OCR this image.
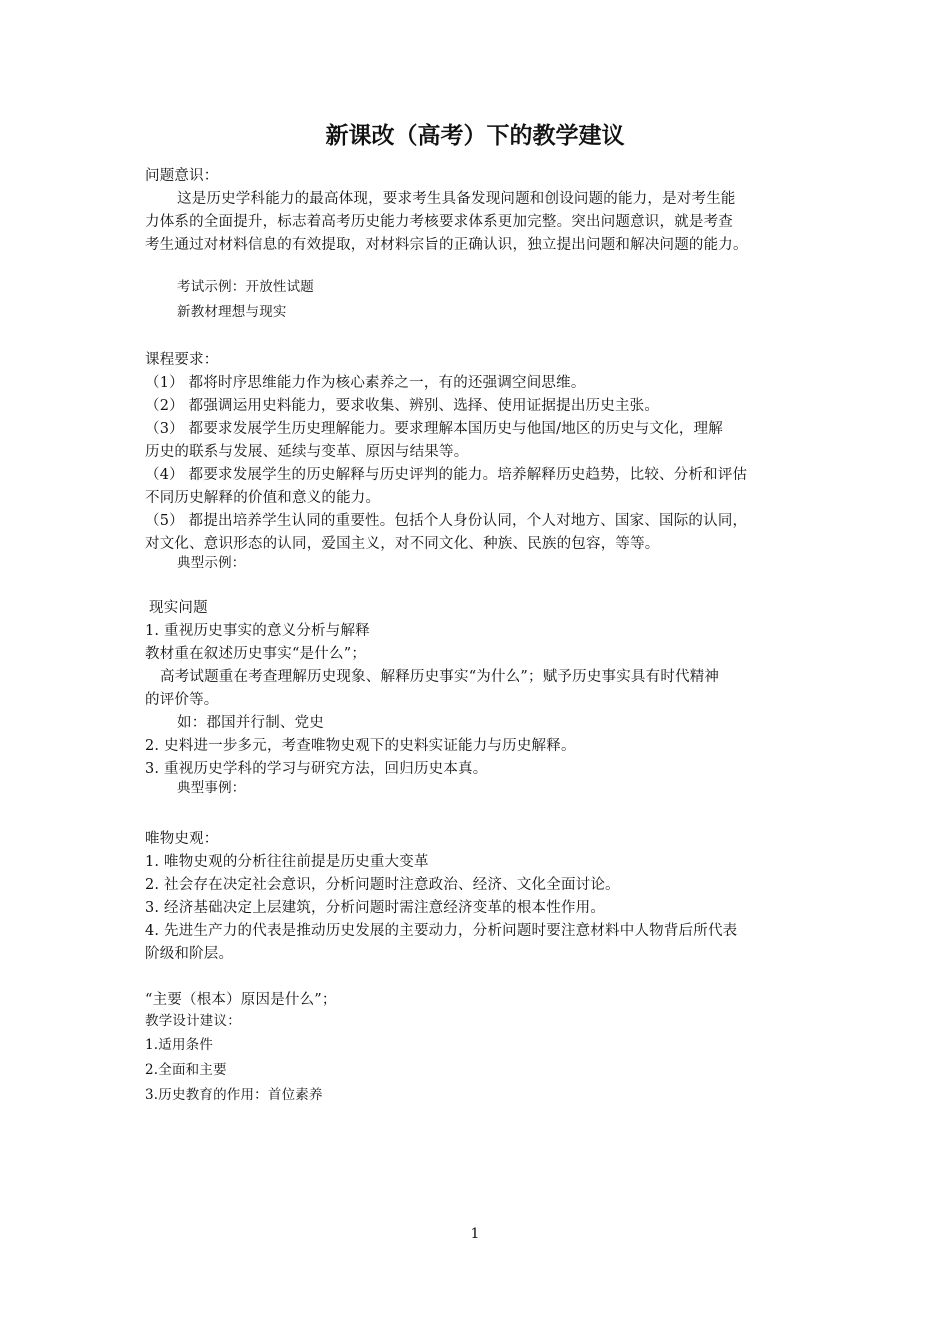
新课改（高考）下的教学建议
问题意识：
这是历史学科能力的最高体现，要求考生具备发现问题和创设问题的能力，是对考生能
力体系的全面提升，标志着高考历史能力考核要求体系更加完整。突出问题意识，就是考查
考生通过对材料信息的有效提取，对材料宗旨的正确认识，独立提出问题和解决问题的能力。
考试示例：开放性试题
新教材理想与现实
课程要求：
（1） 都将时序思维能力作为核心素养之一，有的还强调空间思维。
（2） 都强调运用史料能力，要求收集、辨别、选择、使用证据提出历史主张。
（3） 都要求发展学生历史理解能力。要求理解本国历史与他国/地区的历史与文化，理解
历史的联系与发展、延续与变革、原因与结果等。
（4） 都要求发展学生的历史解释与历史评判的能力。培养解释历史趋势，比较、分析和评估
不同历史解释的价值和意义的能力。
（5） 都提出培养学生认同的重要性。包括个人身份认同，个人对地方、国家、国际的认同，
对文化、意识形态的认同，爱国主义，对不同文化、种族、民族的包容，等等。
典型示例：
现实问题
1. 重视历史事实的意义分析与解释
教材重在叙述历史事实“是什么”；
高考试题重在考查理解历史现象、解释历史事实“为什么”；赋予历史事实具有时代精神
的评价等。
如：郡国并行制、党史
2. 史料进一步多元，考查唯物史观下的史料实证能力与历史解释。
3. 重视历史学科的学习与研究方法，回归历史本真。
典型事例：
唯物史观：
1. 唯物史观的分析往往前提是历史重大变革
2. 社会存在决定社会意识，分析问题时注意政治、经济、文化全面讨论。
3. 经济基础决定上层建筑，分析问题时需注意经济变革的根本性作用。
4. 先进生产力的代表是推动历史发展的主要动力，分析问题时要注意材料中人物背后所代表
阶级和阶层。
“主要（根本）原因是什么”；
教学设计建议：
1.适用条件
2.全面和主要
3.历史教育的作用：首位素养
1
